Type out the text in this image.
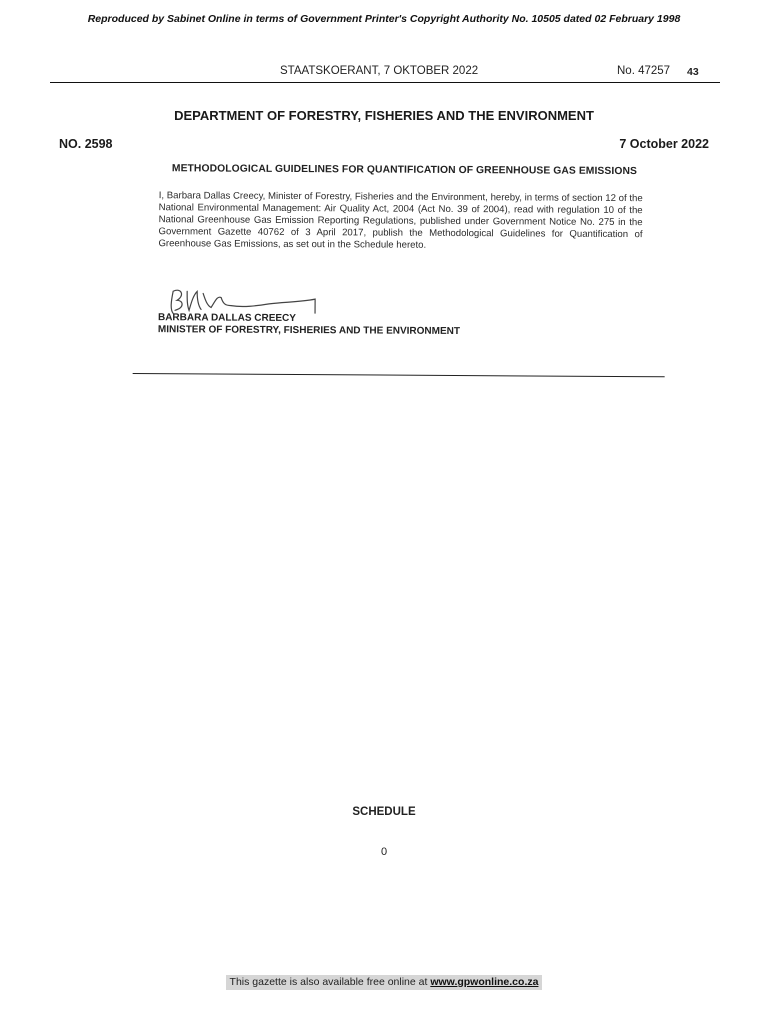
Reproduced by Sabinet Online in terms of Government Printer's Copyright Authority No. 10505 dated 02 February 1998
STAATSKOERANT, 7 OKTOBER 2022	No. 47257 43
DEPARTMENT OF FORESTRY, FISHERIES AND THE ENVIRONMENT
NO. 2598	7 October 2022
METHODOLOGICAL GUIDELINES FOR QUANTIFICATION OF GREENHOUSE GAS EMISSIONS
I, Barbara Dallas Creecy, Minister of Forestry, Fisheries and the Environment, hereby, in terms of section 12 of the National Environmental Management: Air Quality Act, 2004 (Act No. 39 of 2004), read with regulation 10 of the National Greenhouse Gas Emission Reporting Regulations, published under Government Notice No. 275 in the Government Gazette 40762 of 3 April 2017, publish the Methodological Guidelines for Quantification of Greenhouse Gas Emissions, as set out in the Schedule hereto.
BARBARA DALLAS CREECY
MINISTER OF FORESTRY, FISHERIES AND THE ENVIRONMENT
SCHEDULE
0
This gazette is also available free online at www.gpwonline.co.za
